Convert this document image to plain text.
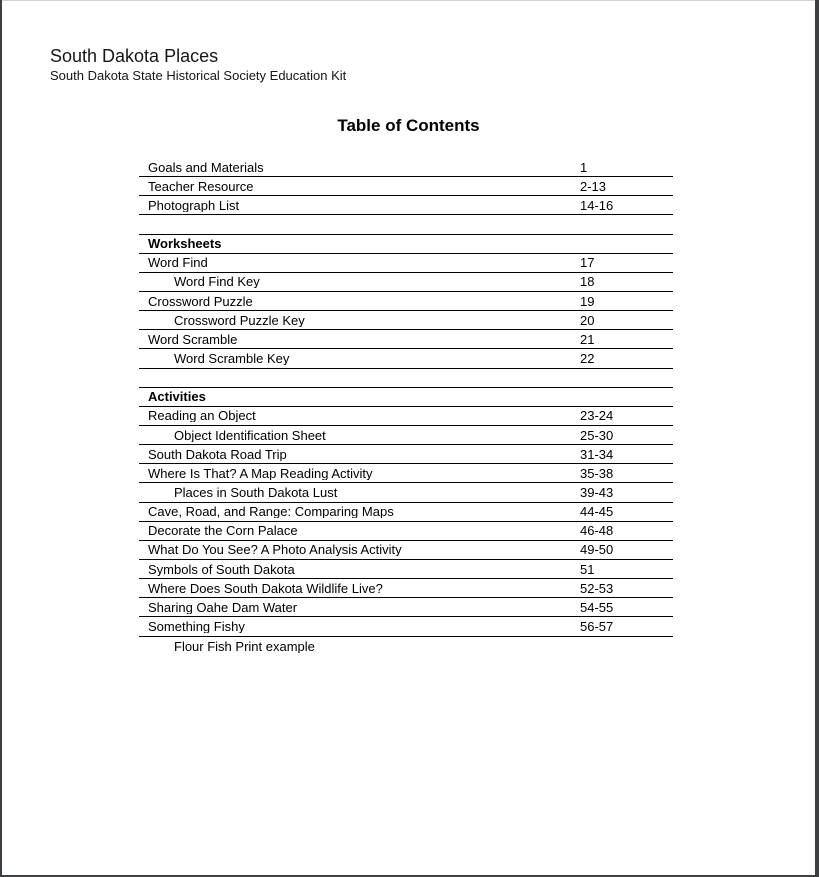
South Dakota Places
South Dakota State Historical Society Education Kit
Table of Contents
Goals and Materials	1
Teacher Resource	2-13
Photograph List	14-16
Worksheets
Word Find	17
Word Find Key	18
Crossword Puzzle	19
Crossword Puzzle Key	20
Word Scramble	21
Word Scramble Key	22
Activities
Reading an Object	23-24
Object Identification Sheet	25-30
South Dakota Road Trip	31-34
Where Is That? A Map Reading Activity	35-38
Places in South Dakota Lust	39-43
Cave, Road, and Range: Comparing Maps	44-45
Decorate the Corn Palace	46-48
What Do You See? A Photo Analysis Activity	49-50
Symbols of South Dakota	51
Where Does South Dakota Wildlife Live?	52-53
Sharing Oahe Dam Water	54-55
Something Fishy	56-57
Flour Fish Print example
